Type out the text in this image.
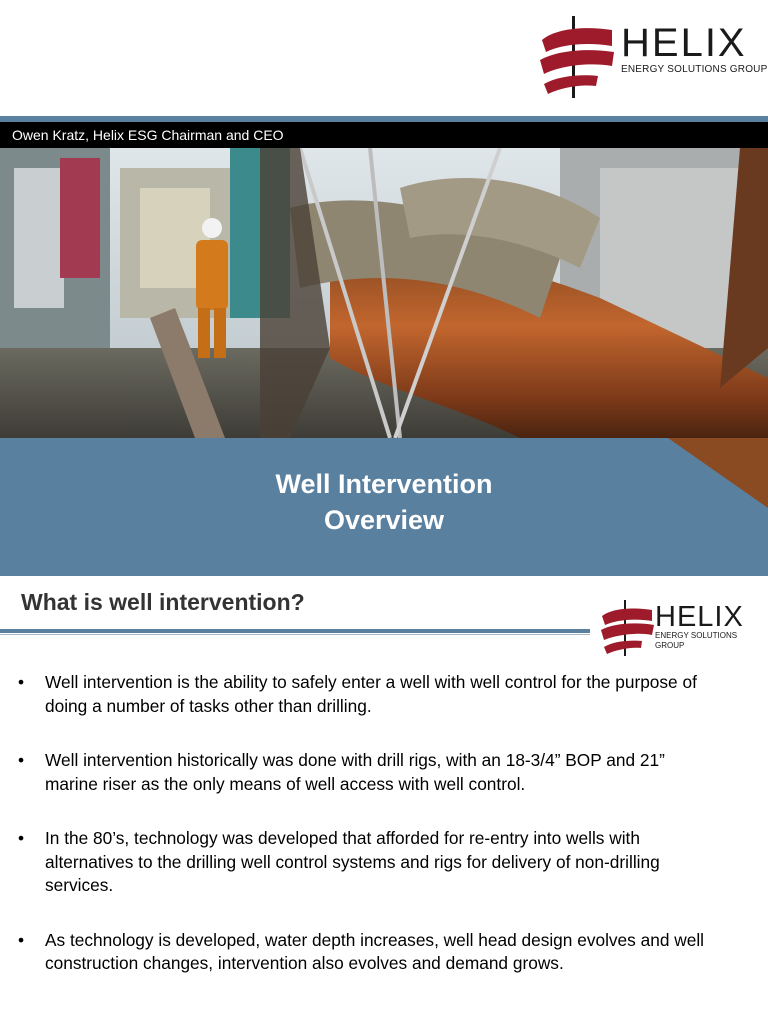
HELIX
ENERGY SOLUTIONS GROUP
Owen Kratz, Helix ESG Chairman and CEO
Well Intervention
Overview
What is well intervention?	HELIX
ENERGY SOLUTIONS GROUP
• Well intervention is the ability to safely enter a well with well control for the purpose of doing a number of tasks other than drilling.
• Well intervention historically was done with drill rigs, with an 18-3/4” BOP and 21” marine riser as the only means of well access with well control.
• In the 80’s, technology was developed that afforded for re-entry into wells with alternatives to the drilling well control systems and rigs for delivery of non-drilling services.
• As technology is developed, water depth increases, well head design evolves and well construction changes, intervention also evolves and demand grows.
